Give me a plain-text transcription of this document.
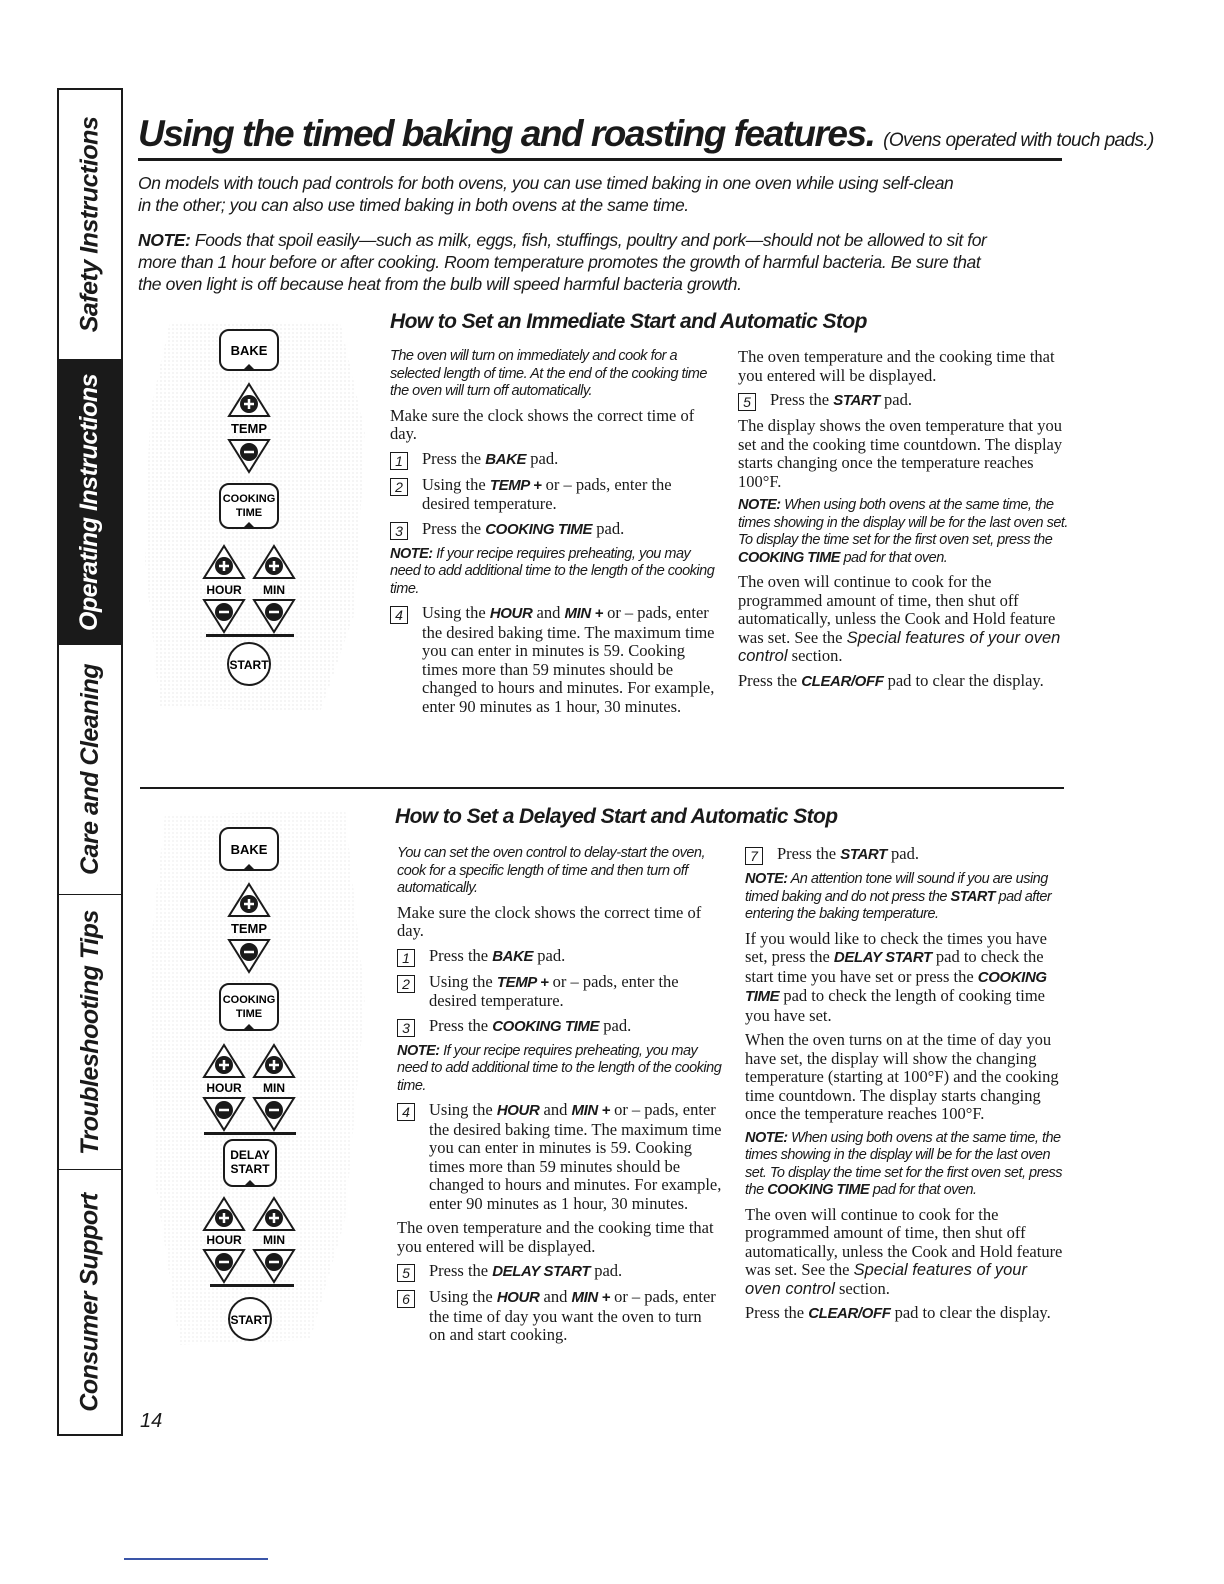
Safety Instructions
Operating Instructions
Care and Cleaning
Troubleshooting Tips
Consumer Support
Using the timed baking and roasting features. (Ovens operated with touch pads.)

On models with touch pad controls for both ovens, you can use timed baking in one oven while using self-clean
in the other; you can also use timed baking in both ovens at the same time.

NOTE: Foods that spoil easily—such as milk, eggs, fish, stuffings, poultry and pork—should not be allowed to sit for
more than 1 hour before or after cooking. Room temperature promotes the growth of harmful bacteria. Be sure that
the oven light is off because heat from the bulb will speed harmful bacteria growth.

How to Set an Immediate Start and Automatic Stop
BAKE
TEMP
COOKING
TIME
HOUR MIN
START

The oven will turn on immediately and cook for a selected length of time. At the end of the cooking time the oven will turn off automatically.

Make sure the clock shows the correct time of day.

1	Press the BAKE pad.
2	Using the TEMP + or – pads, enter the desired temperature.
3	Press the COOKING TIME pad.

NOTE: If your recipe requires preheating, you may need to add additional time to the length of the cooking time.

4	Using the HOUR and MIN + or – pads, enter the desired baking time. The maximum time you can enter in minutes is 59. Cooking times more than 59 minutes should be changed to hours and minutes. For example, enter 90 minutes as 1 hour, 30 minutes.

The oven temperature and the cooking time that you entered will be displayed.

5	Press the START pad.

The display shows the oven temperature that you set and the cooking time countdown. The display starts changing once the temperature reaches 100°F.

NOTE: When using both ovens at the same time, the times showing in the display will be for the last oven set. To display the time set for the first oven set, press the COOKING TIME pad for that oven.

The oven will continue to cook for the programmed amount of time, then shut off automatically, unless the Cook and Hold feature was set. See the Special features of your oven control section.

Press the CLEAR/OFF pad to clear the display.

How to Set a Delayed Start and Automatic Stop
BAKE
TEMP
COOKING
TIME
HOUR MIN
DELAY
START
HOUR MIN
START

You can set the oven control to delay-start the oven, cook for a specific length of time and then turn off automatically.

Make sure the clock shows the correct time of day.

1	Press the BAKE pad.
2	Using the TEMP + or – pads, enter the desired temperature.
3	Press the COOKING TIME pad.

NOTE: If your recipe requires preheating, you may need to add additional time to the length of the cooking time.

4	Using the HOUR and MIN + or – pads, enter the desired baking time. The maximum time you can enter in minutes is 59. Cooking times more than 59 minutes should be changed to hours and minutes. For example, enter 90 minutes as 1 hour, 30 minutes.

The oven temperature and the cooking time that you entered will be displayed.

5	Press the DELAY START pad.
6	Using the HOUR and MIN + or – pads, enter the time of day you want the oven to turn on and start cooking.
7	Press the START pad.

NOTE: An attention tone will sound if you are using timed baking and do not press the START pad after entering the baking temperature.

If you would like to check the times you have set, press the DELAY START pad to check the start time you have set or press the COOKING TIME pad to check the length of cooking time you have set.

When the oven turns on at the time of day you have set, the display will show the changing temperature (starting at 100°F) and the cooking time countdown. The display starts changing once the temperature reaches 100°F.

NOTE: When using both ovens at the same time, the times showing in the display will be for the last oven set. To display the time set for the first oven set, press the COOKING TIME pad for that oven.

The oven will continue to cook for the programmed amount of time, then shut off automatically, unless the Cook and Hold feature was set. See the Special features of your oven control section.

Press the CLEAR/OFF pad to clear the display.

14
